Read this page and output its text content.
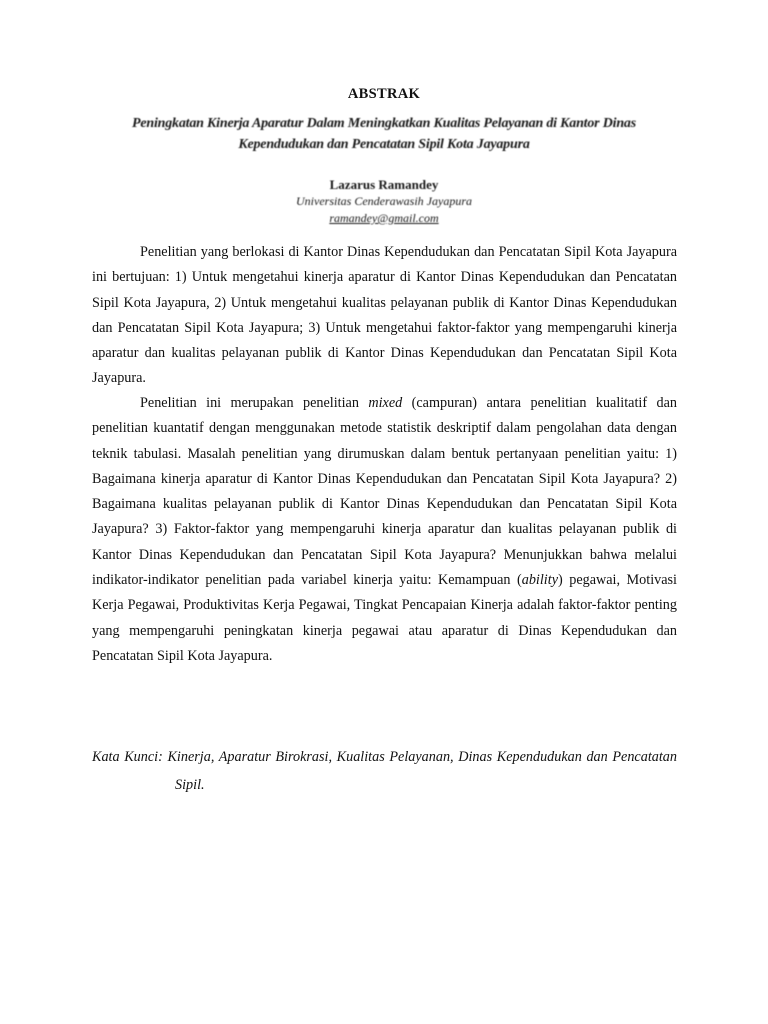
ABSTRAK
Peningkatan Kinerja Aparatur Dalam Meningkatkan Kualitas Pelayanan di Kantor Dinas Kependudukan dan Pencatatan Sipil Kota Jayapura
Lazarus Ramandey
Universitas Cenderawasih Jayapura
ramandey@gmail.com

Penelitian yang berlokasi di Kantor Dinas Kependudukan dan Pencatatan Sipil Kota Jayapura ini bertujuan: 1) Untuk mengetahui kinerja aparatur di Kantor Dinas Kependudukan dan Pencatatan Sipil Kota Jayapura, 2) Untuk mengetahui kualitas pelayanan publik di Kantor Dinas Kependudukan dan Pencatatan Sipil Kota Jayapura; 3) Untuk mengetahui faktor-faktor yang mempengaruhi kinerja aparatur dan kualitas pelayanan publik di Kantor Dinas Kependudukan dan Pencatatan Sipil Kota Jayapura.

Penelitian ini merupakan penelitian mixed (campuran) antara penelitian kualitatif dan penelitian kuantatif dengan menggunakan metode statistik deskriptif dalam pengolahan data dengan teknik tabulasi. Masalah penelitian yang dirumuskan dalam bentuk pertanyaan penelitian yaitu: 1) Bagaimana kinerja aparatur di Kantor Dinas Kependudukan dan Pencatatan Sipil Kota Jayapura? 2) Bagaimana kualitas pelayanan publik di Kantor Dinas Kependudukan dan Pencatatan Sipil Kota Jayapura? 3) Faktor-faktor yang mempengaruhi kinerja aparatur dan kualitas pelayanan publik di Kantor Dinas Kependudukan dan Pencatatan Sipil Kota Jayapura? Menunjukkan bahwa melalui indikator-indikator penelitian pada variabel kinerja yaitu: Kemampuan (ability) pegawai, Motivasi Kerja Pegawai, Produktivitas Kerja Pegawai, Tingkat Pencapaian Kinerja adalah faktor-faktor penting yang mempengaruhi peningkatan kinerja pegawai atau aparatur di Dinas Kependudukan dan Pencatatan Sipil Kota Jayapura.

Kata Kunci: Kinerja, Aparatur Birokrasi, Kualitas Pelayanan, Dinas Kependudukan dan Pencatatan Sipil.
